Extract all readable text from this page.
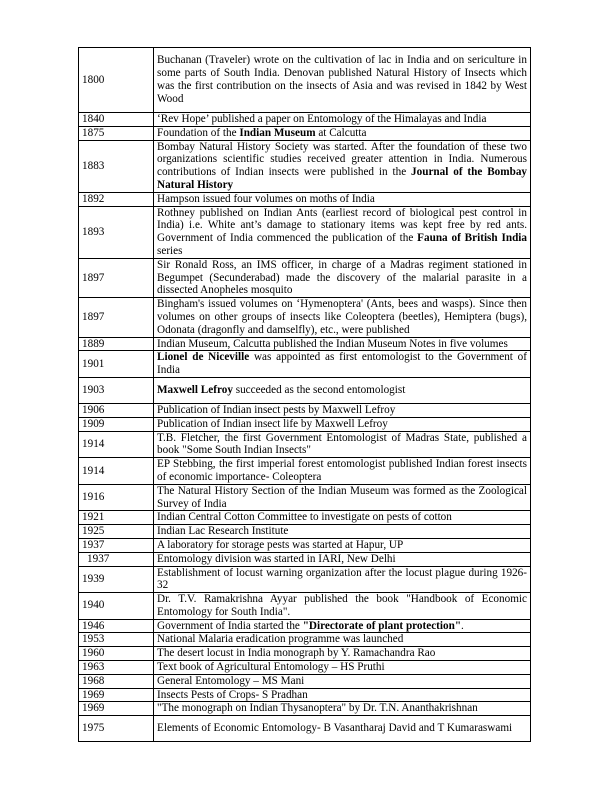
1800	Buchanan (Traveler) wrote on the cultivation of lac in India and on sericulture in some parts of South India. Denovan published Natural History of Insects which was the first contribution on the insects of Asia and was revised in 1842 by West Wood
1840	‘Rev Hope’ published a paper on Entomology of the Himalayas and India
1875	Foundation of the Indian Museum at Calcutta
1883	Bombay Natural History Society was started. After the foundation of these two organizations scientific studies received greater attention in India. Numerous contributions of Indian insects were published in the Journal of the Bombay Natural History
1892	Hampson issued four volumes on moths of India
1893	Rothney published on Indian Ants (earliest record of biological pest control in India) i.e. White ant’s damage to stationary items was kept free by red ants. Government of India commenced the publication of the Fauna of British India series
1897	Sir Ronald Ross, an IMS officer, in charge of a Madras regiment stationed in Begumpet (Secunderabad) made the discovery of the malarial parasite in a dissected Anopheles mosquito
1897	Bingham's issued volumes on ‘Hymenoptera' (Ants, bees and wasps). Since then volumes on other groups of insects like Coleoptera (beetles), Hemiptera (bugs), Odonata (dragonfly and damselfly), etc., were published
1889	Indian Museum, Calcutta published the Indian Museum Notes in five volumes
1901	Lionel de Niceville was appointed as first entomologist to the Government of India
1903	Maxwell Lefroy succeeded as the second entomologist
1906	Publication of Indian insect pests by Maxwell Lefroy
1909	Publication of Indian insect life by Maxwell Lefroy
1914	T.B. Fletcher, the first Government Entomologist of Madras State, published a book "Some South Indian Insects"
1914	EP Stebbing, the first imperial forest entomologist published Indian forest insects of economic importance- Coleoptera
1916	The Natural History Section of the Indian Museum was formed as the Zoological Survey of India
1921	Indian Central Cotton Committee to investigate on pests of cotton
1925	Indian Lac Research Institute
1937	A laboratory for storage pests was started at Hapur, UP
1937	Entomology division was started in IARI, New Delhi
1939	Establishment of locust warning organization after the locust plague during 1926-32
1940	Dr. T.V. Ramakrishna Ayyar published the book "Handbook of Economic Entomology for South India".
1946	Government of India started the "Directorate of plant protection".
1953	National Malaria eradication programme was launched
1960	The desert locust in India monograph by Y. Ramachandra Rao
1963	Text book of Agricultural Entomology – HS Pruthi
1968	General Entomology – MS Mani
1969	Insects Pests of Crops- S Pradhan
1969	"The monograph on Indian Thysanoptera" by Dr. T.N. Ananthakrishnan
1975	Elements of Economic Entomology- B Vasantharaj David and T Kumaraswami
